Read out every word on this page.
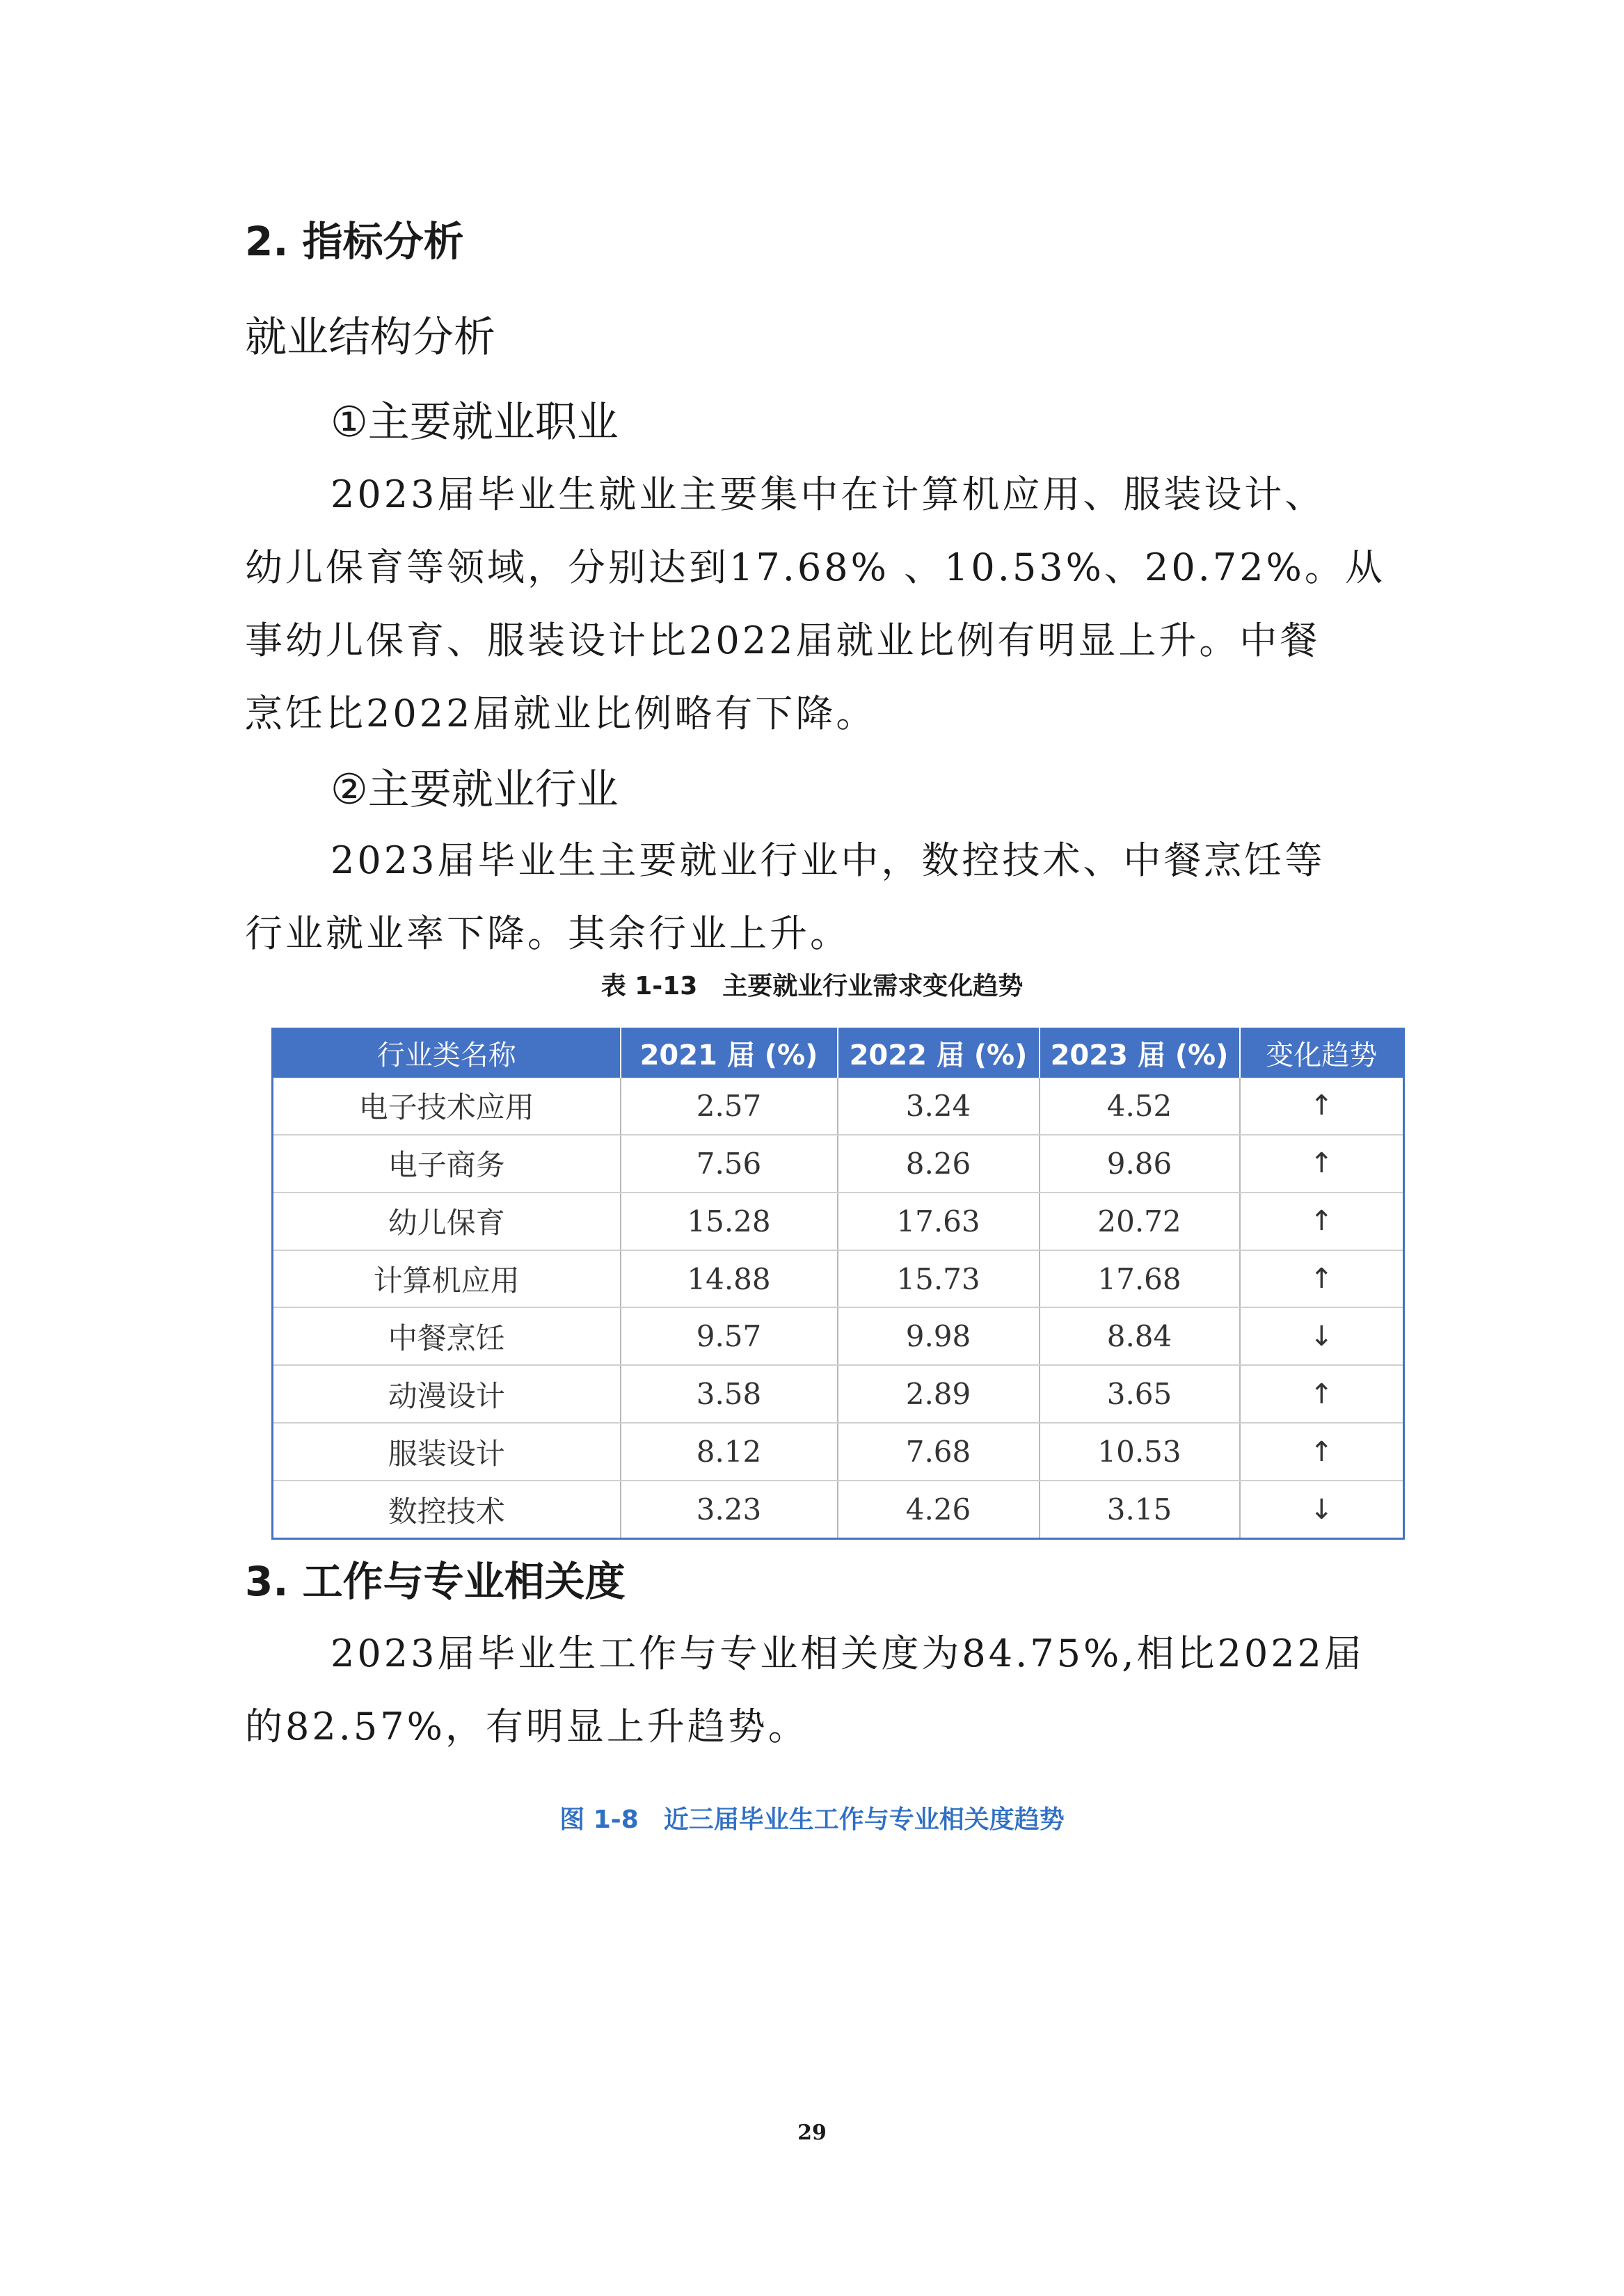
2. 指标分析
就业结构分析
①主要就业职业
2023届毕业生就业主要集中在计算机应用、服装设计、
幼儿保育等领域，分别达到17.68% 、10.53%、20.72%。从
事幼儿保育、服装设计比2022届就业比例有明显上升。中餐
烹饪比2022届就业比例略有下降。
②主要就业行业
2023届毕业生主要就业行业中，数控技术、中餐烹饪等
行业就业率下降。其余行业上升。
表 1-13　主要就业行业需求变化趋势
行业类名称	2021 届 (%)	2022 届 (%)	2023 届 (%)	变化趋势
电子技术应用	2.57	3.24	4.52	↑
电子商务	7.56	8.26	9.86	↑
幼儿保育	15.28	17.63	20.72	↑
计算机应用	14.88	15.73	17.68	↑
中餐烹饪	9.57	9.98	8.84	↓
动漫设计	3.58	2.89	3.65	↑
服装设计	8.12	7.68	10.53	↑
数控技术	3.23	4.26	3.15	↓
3. 工作与专业相关度
2023届毕业生工作与专业相关度为84.75%,相比2022届
的82.57%，有明显上升趋势。
图 1-8　近三届毕业生工作与专业相关度趋势
29
